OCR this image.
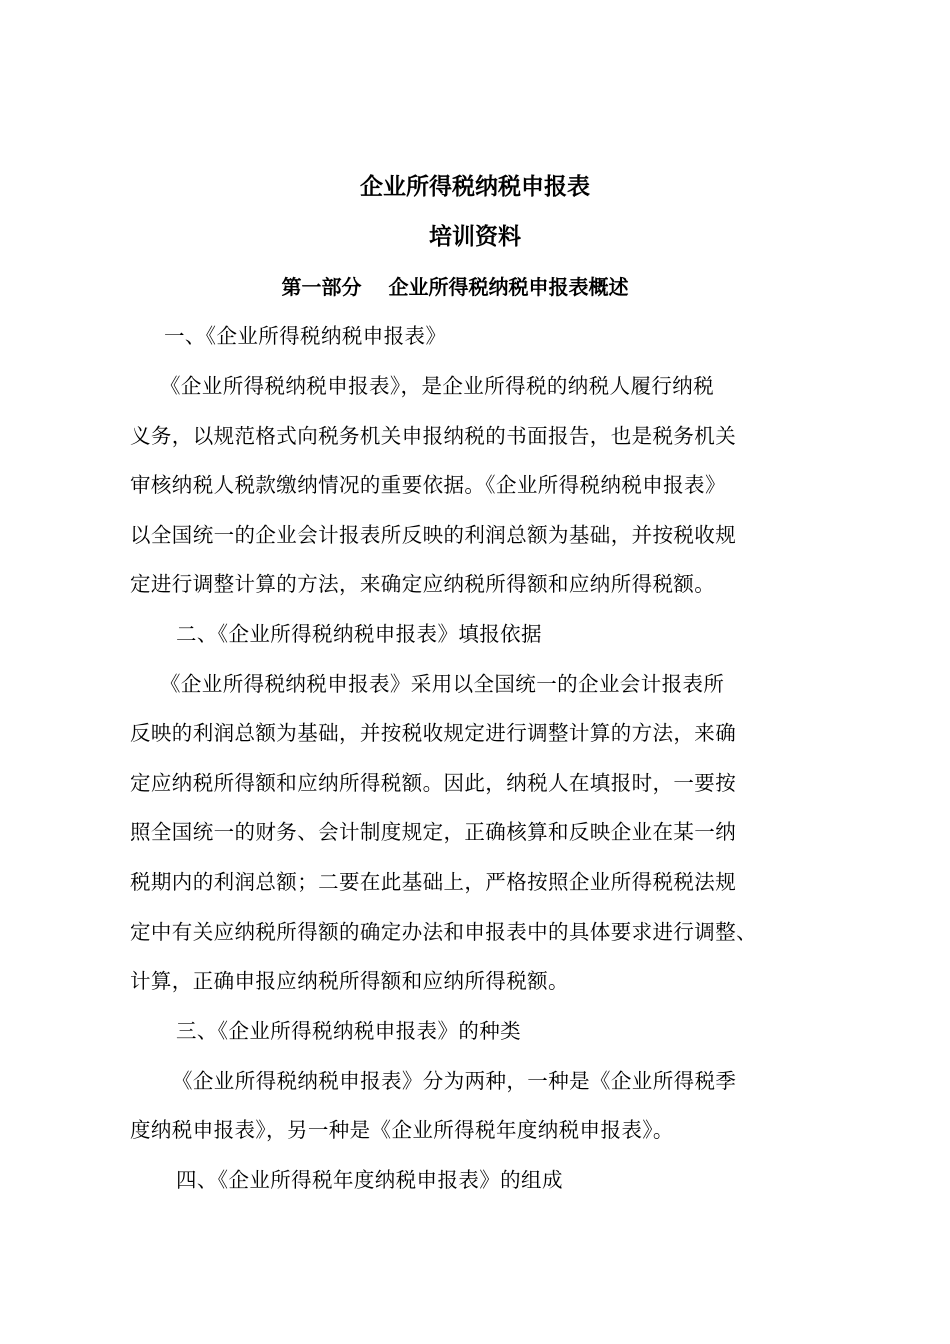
企业所得税纳税申报表
培训资料
第一部分　 企业所得税纳税申报表概述
一、《企业所得税纳税申报表》
《企业所得税纳税申报表》，是企业所得税的纳税人履行纳税
义务，以规范格式向税务机关申报纳税的书面报告，也是税务机关
审核纳税人税款缴纳情况的重要依据。《企业所得税纳税申报表》
以全国统一的企业会计报表所反映的利润总额为基础，并按税收规
定进行调整计算的方法，来确定应纳税所得额和应纳所得税额。
二、《企业所得税纳税申报表》填报依据
《企业所得税纳税申报表》采用以全国统一的企业会计报表所
反映的利润总额为基础，并按税收规定进行调整计算的方法，来确
定应纳税所得额和应纳所得税额。因此，纳税人在填报时，一要按
照全国统一的财务、会计制度规定，正确核算和反映企业在某一纳
税期内的利润总额；二要在此基础上，严格按照企业所得税税法规
定中有关应纳税所得额的确定办法和申报表中的具体要求进行调整、
计算，正确申报应纳税所得额和应纳所得税额。
三、《企业所得税纳税申报表》的种类
《企业所得税纳税申报表》分为两种，一种是《企业所得税季
度纳税申报表》，另一种是《企业所得税年度纳税申报表》。
四、《企业所得税年度纳税申报表》的组成
